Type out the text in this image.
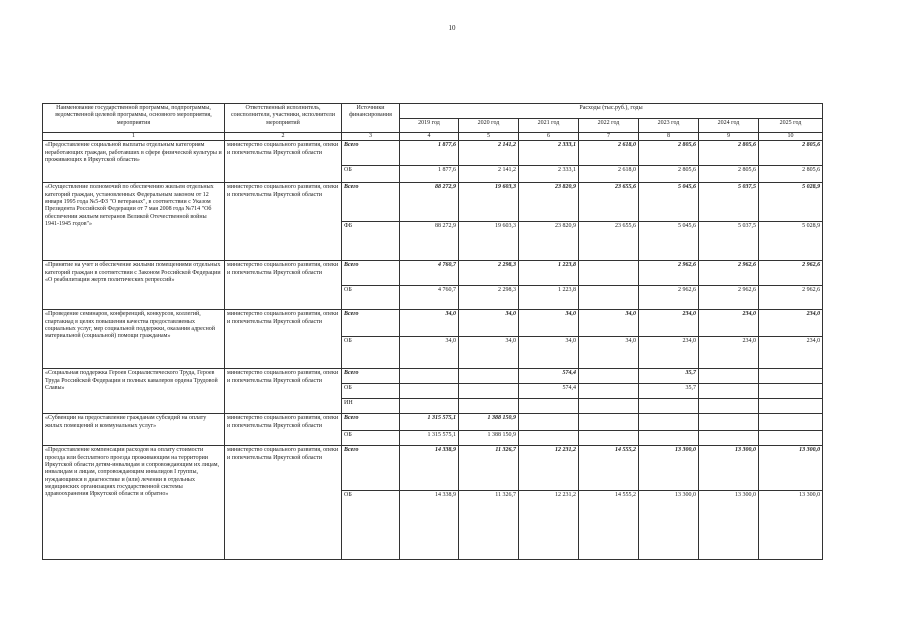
10
Наименование государственной программы, подпрограммы, ведомственной целевой программы, основного мероприятия, мероприятия	Ответственный исполнитель, соисполнители, участники, исполнители мероприятий	Источники финансирования	Расходы (тыс.руб.), годы						
			2019 год	2020 год	2021 год	2022 год	2023 год	2024 год	2025 год
1	2	3	4	5	6	7	8	9	10
«Предоставление социальной выплаты отдельным категориям неработающих граждан, работавших в сфере физической культуры и проживающих в Иркутской области»	министерство социального развития, опеки и попечительства Иркутской области	Всего	1 877,6	2 141,2	2 333,1	2 618,0	2 805,6	2 805,6	2 805,6
		ОБ	1 877,6	2 141,2	2 333,1	2 618,0	2 805,6	2 805,6	2 805,6
«Осуществление полномочий по обеспечению жильем отдельных категорий граждан, установленных Федеральным законом от 12 января 1995 года №5-ФЗ "О ветеранах", в соответствии с Указом Президента Российской Федерации от 7 мая 2008 года №714 "Об обеспечении жильем ветеранов Великой Отечественной войны 1941-1945 годов"»	министерство социального развития, опеки и попечительства Иркутской области	Всего	88 272,9	19 603,3	23 820,9	23 655,6	5 045,6	5 037,5	5 028,9
		ФБ	88 272,9	19 603,3	23 820,9	23 655,6	5 045,6	5 037,5	5 028,9
«Принятие на учет и обеспечение жилыми помещениями отдельных категорий граждан в соответствии с Законом Российской Федерации «О реабилитации жертв политических репрессий»	министерство социального развития, опеки и попечительства Иркутской области	Всего	4 760,7	2 298,3	1 223,8		2 962,6	2 962,6	2 962,6
		ОБ	4 760,7	2 298,3	1 223,8		2 962,6	2 962,6	2 962,6
«Проведение семинаров, конференций, конкурсов, коллегий, спартакиад в целях повышения качества предоставляемых социальных услуг, мер социальной поддержки, оказания адресной материальной (социальной) помощи гражданам»	министерство социального развития, опеки и попечительства Иркутской области	Всего	34,0	34,0	34,0	34,0	234,0	234,0	234,0
		ОБ	34,0	34,0	34,0	34,0	234,0	234,0	234,0
«Социальная поддержка Героев Социалистического Труда, Героев Труда Российской Федерации и полных кавалеров ордена Трудовой Славы»	министерство социального развития, опеки и попечительства Иркутской области	Всего			574,4		35,7		
		ОБ			574,4		35,7		
		ИН							
«Субвенции на предоставление гражданам субсидий на оплату жилых помещений и коммунальных услуг»	министерство социального развития, опеки и попечительства Иркутской области	Всего	1 315 575,1	1 388 150,9					
		ОБ	1 315 575,1	1 388 150,9					
«Предоставление компенсации расходов на оплату стоимости проезда или бесплатного проезда проживающим на территории Иркутской области детям-инвалидам и сопровождающим их лицам, инвалидам и лицам, сопровождающим инвалидов I группы, нуждающимся в диагностике и (или) лечении в отдельных медицинских организациях государственной системы здравоохранения Иркутской области и обратно»	министерство социального развития, опеки и попечительства Иркутской области	Всего	14 338,9	11 326,7	12 231,2	14 555,2	13 300,0	13 300,0	13 300,0
		ОБ	14 338,9	11 326,7	12 231,2	14 555,2	13 300,0	13 300,0	13 300,0
